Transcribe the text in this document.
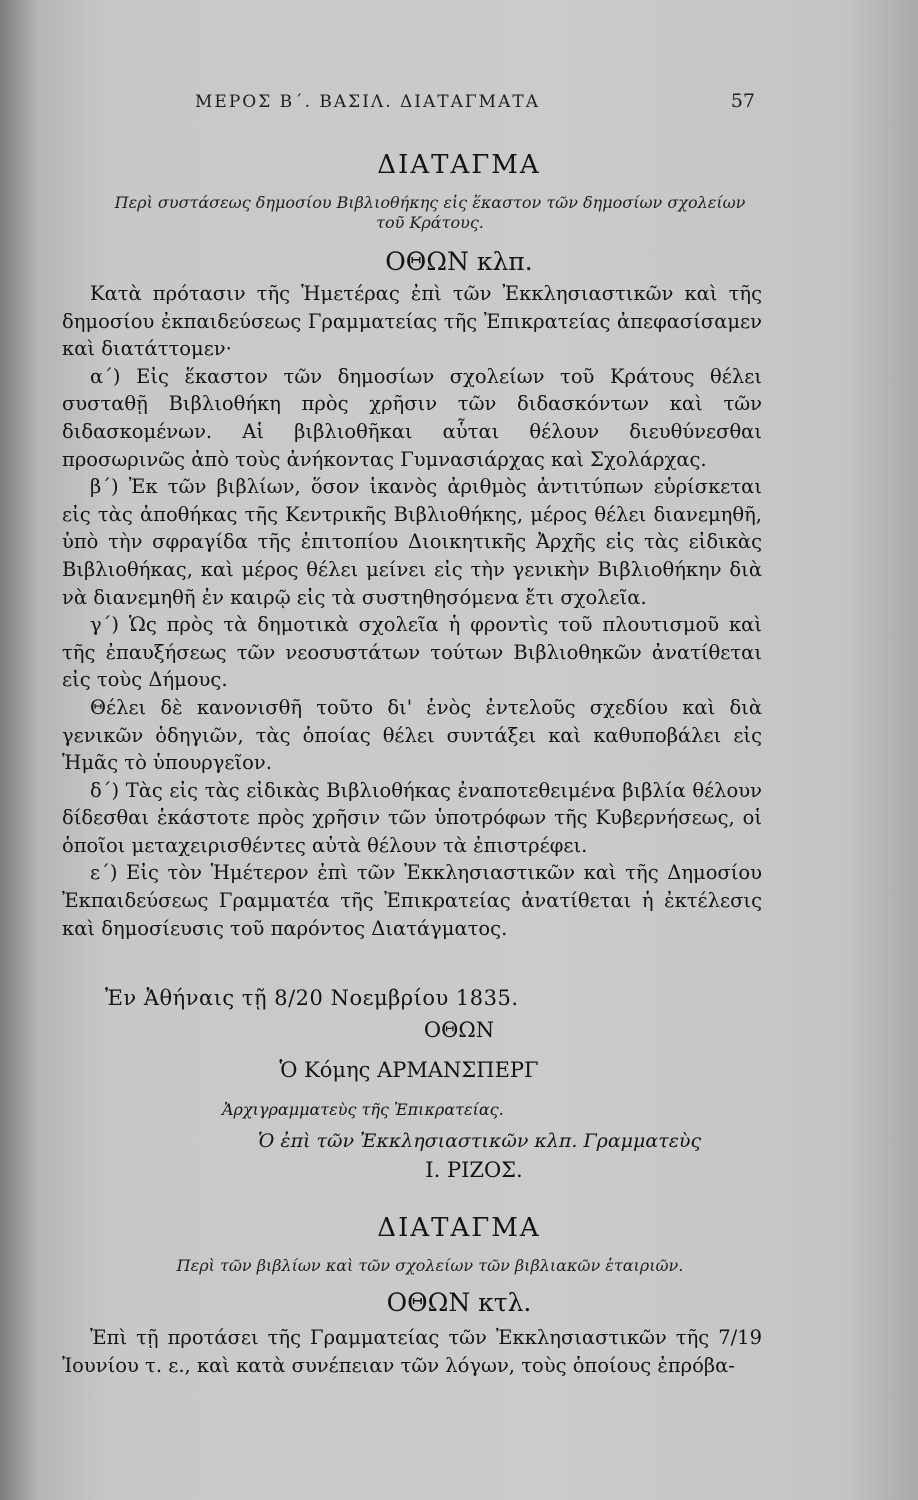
ΜΕΡΟΣ Β΄. ΒΑΣΙΛ. ΔΙΑΤΑΓΜΑΤΑ	57
ΔΙΑΤΑΓΜΑ
Περὶ συστάσεως δημοσίου Βιβλιοθήκης εἰς ἕκαστον τῶν δημοσίων σχολείων
τοῦ Κράτους.
ΟΘΩΝ κλπ.

Κατὰ πρότασιν τῆς Ἡμετέρας ἐπὶ τῶν Ἐκκλησιαστικῶν καὶ τῆς δημοσίου ἐκπαιδεύσεως Γραμματείας τῆς Ἐπικρατείας ἀπεφασίσαμεν καὶ διατάττομεν·

α΄) Εἰς ἕκαστον τῶν δημοσίων σχολείων τοῦ Κράτους θέλει συσταθῇ Βιβλιοθήκη πρὸς χρῆσιν τῶν διδασκόντων καὶ τῶν διδασκομένων. Αἱ βιβλιοθῆκαι αὗται θέλουν διευθύνεσθαι προσωρινῶς ἀπὸ τοὺς ἀνήκοντας Γυμνασιάρχας καὶ Σχολάρχας.

β΄) Ἐκ τῶν βιβλίων, ὅσον ἱκανὸς ἀριθμὸς ἀντιτύπων εὑρίσκεται εἰς τὰς ἀποθήκας τῆς Κεντρικῆς Βιβλιοθήκης, μέρος θέλει διανεμηθῆ, ὑπὸ τὴν σφραγίδα τῆς ἐπιτοπίου Διοικητικῆς Ἀρχῆς εἰς τὰς εἰδικὰς Βιβλιοθήκας, καὶ μέρος θέλει μείνει εἰς τὴν γενικὴν Βιβλιοθήκην διὰ νὰ διανεμηθῆ ἐν καιρῷ εἰς τὰ συστηθησόμενα ἔτι σχολεῖα.

γ΄) Ὡς πρὸς τὰ δημοτικὰ σχολεῖα ἡ φροντὶς τοῦ πλουτισμοῦ καὶ τῆς ἐπαυξήσεως τῶν νεοσυστάτων τούτων Βιβλιοθηκῶν ἀνατίθεται εἰς τοὺς Δήμους.

Θέλει δὲ κανονισθῆ τοῦτο δι' ἑνὸς ἐντελοῦς σχεδίου καὶ διὰ γενικῶν ὁδηγιῶν, τὰς ὁποίας θέλει συντάξει καὶ καθυποβάλει εἰς Ἡμᾶς τὸ ὑπουργεῖον.

δ΄) Τὰς εἰς τὰς εἰδικὰς Βιβλιοθήκας ἐναποτεθειμένα βιβλία θέλουν δίδεσθαι ἑκάστοτε πρὸς χρῆσιν τῶν ὑποτρόφων τῆς Κυβερνήσεως, οἱ ὁποῖοι μεταχειρισθέντες αὐτὰ θέλουν τὰ ἐπιστρέφει.

ε΄) Εἰς τὸν Ἡμέτερον ἐπὶ τῶν Ἐκκλησιαστικῶν καὶ τῆς Δημοσίου Ἐκπαιδεύσεως Γραμματέα τῆς Ἐπικρατείας ἀνατίθεται ἡ ἐκτέλεσις καὶ δημοσίευσις τοῦ παρόντος Διατάγματος.

Ἐν Ἀθήναις τῇ 8/20 Νοεμβρίου 1835.
ΟΘΩΝ
Ὁ Κόμης ΑΡΜΑΝΣΠΕΡΓ
Ἀρχιγραμματεὺς τῆς Ἐπικρατείας.
Ὁ ἐπὶ τῶν Ἐκκλησιαστικῶν κλπ. Γραμματεὺς
Ι. ΡΙΖΟΣ.
ΔΙΑΤΑΓΜΑ
Περὶ τῶν βιβλίων καὶ τῶν σχολείων τῶν βιβλιακῶν ἑταιριῶν.
ΟΘΩΝ κτλ.

Ἐπὶ τῇ προτάσει τῆς Γραμματείας τῶν Ἐκκλησιαστικῶν τῆς 7/19 Ἰουνίου τ. ε., καὶ κατὰ συνέπειαν τῶν λόγων, τοὺς ὁποίους ἐπρόβα-
